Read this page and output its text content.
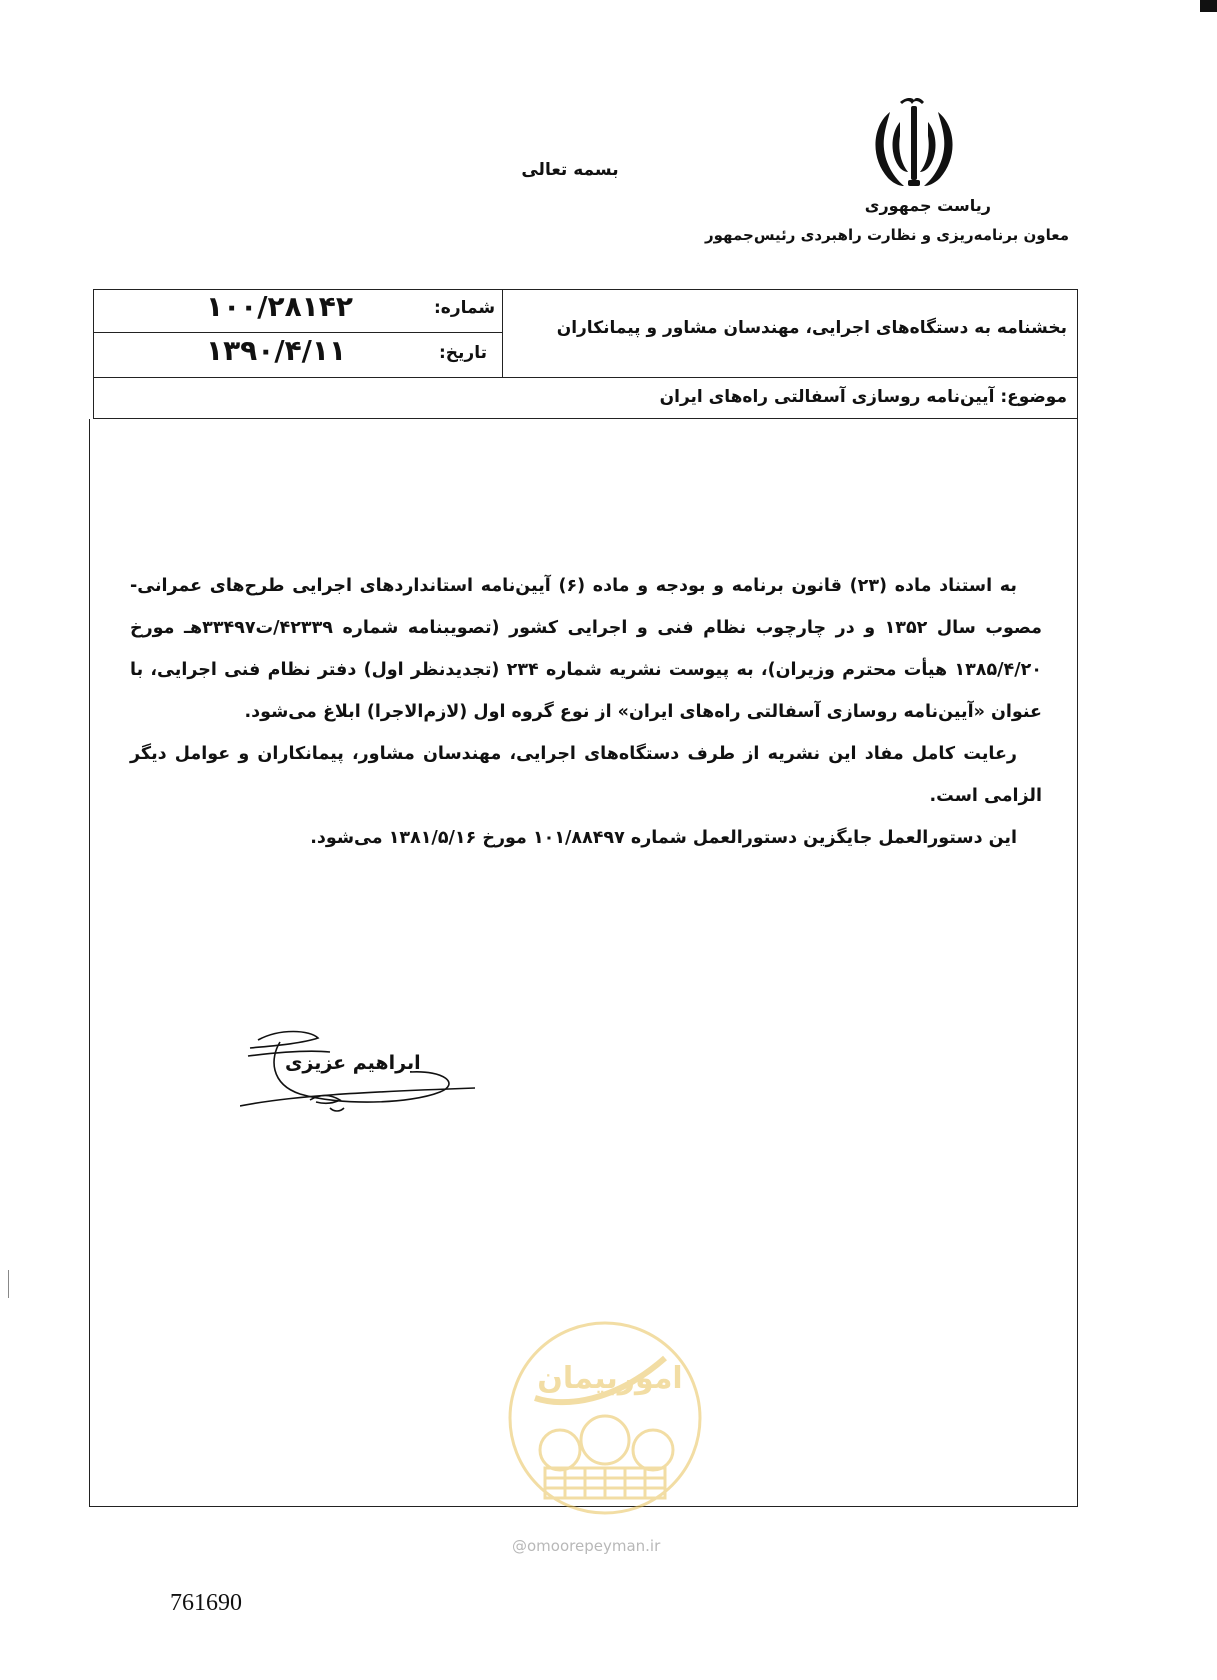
بسمه تعالی
ریاست جمهوری
معاون برنامه‌ریزی و نظارت راهبردی رئیس‌جمهور
شماره:
۱۰۰/۲۸۱۴۲
تاریخ:
۱۳۹۰/۴/۱۱
بخشنامه به دستگاه‌های اجرایی، مهندسان مشاور و پیمانکاران
موضوع: آیین‌نامه روسازی آسفالتی راه‌های ایران

به استناد ماده (۲۳) قانون برنامه و بودجه و ماده (۶) آیین‌نامه استانداردهای اجرایی طرح‌های عمرانی- مصوب سال ۱۳۵۲ و در چارچوب نظام فنی و اجرایی کشور (تصویبنامه شماره ۴۲۳۳۹/ت۳۳۴۹۷هـ مورخ ۱۳۸۵/۴/۲۰ هیأت محترم وزیران)، به پیوست نشریه شماره ۲۳۴ (تجدیدنظر اول) دفتر نظام فنی اجرایی، با عنوان «آیین‌نامه روسازی آسفالتی راه‌های ایران» از نوع گروه اول (لازم‌الاجرا) ابلاغ می‌شود.

رعایت کامل مفاد این نشریه از طرف دستگاه‌های اجرایی، مهندسان مشاور، پیمانکاران و عوامل دیگر الزامی است.

این دستورالعمل جایگزین دستورالعمل شماره ۱۰۱/۸۸۴۹۷ مورخ ۱۳۸۱/۵/۱۶ می‌شود.

ابراهیم عزیزی
امورپیمان
@omoorepeyman.ir
761690
